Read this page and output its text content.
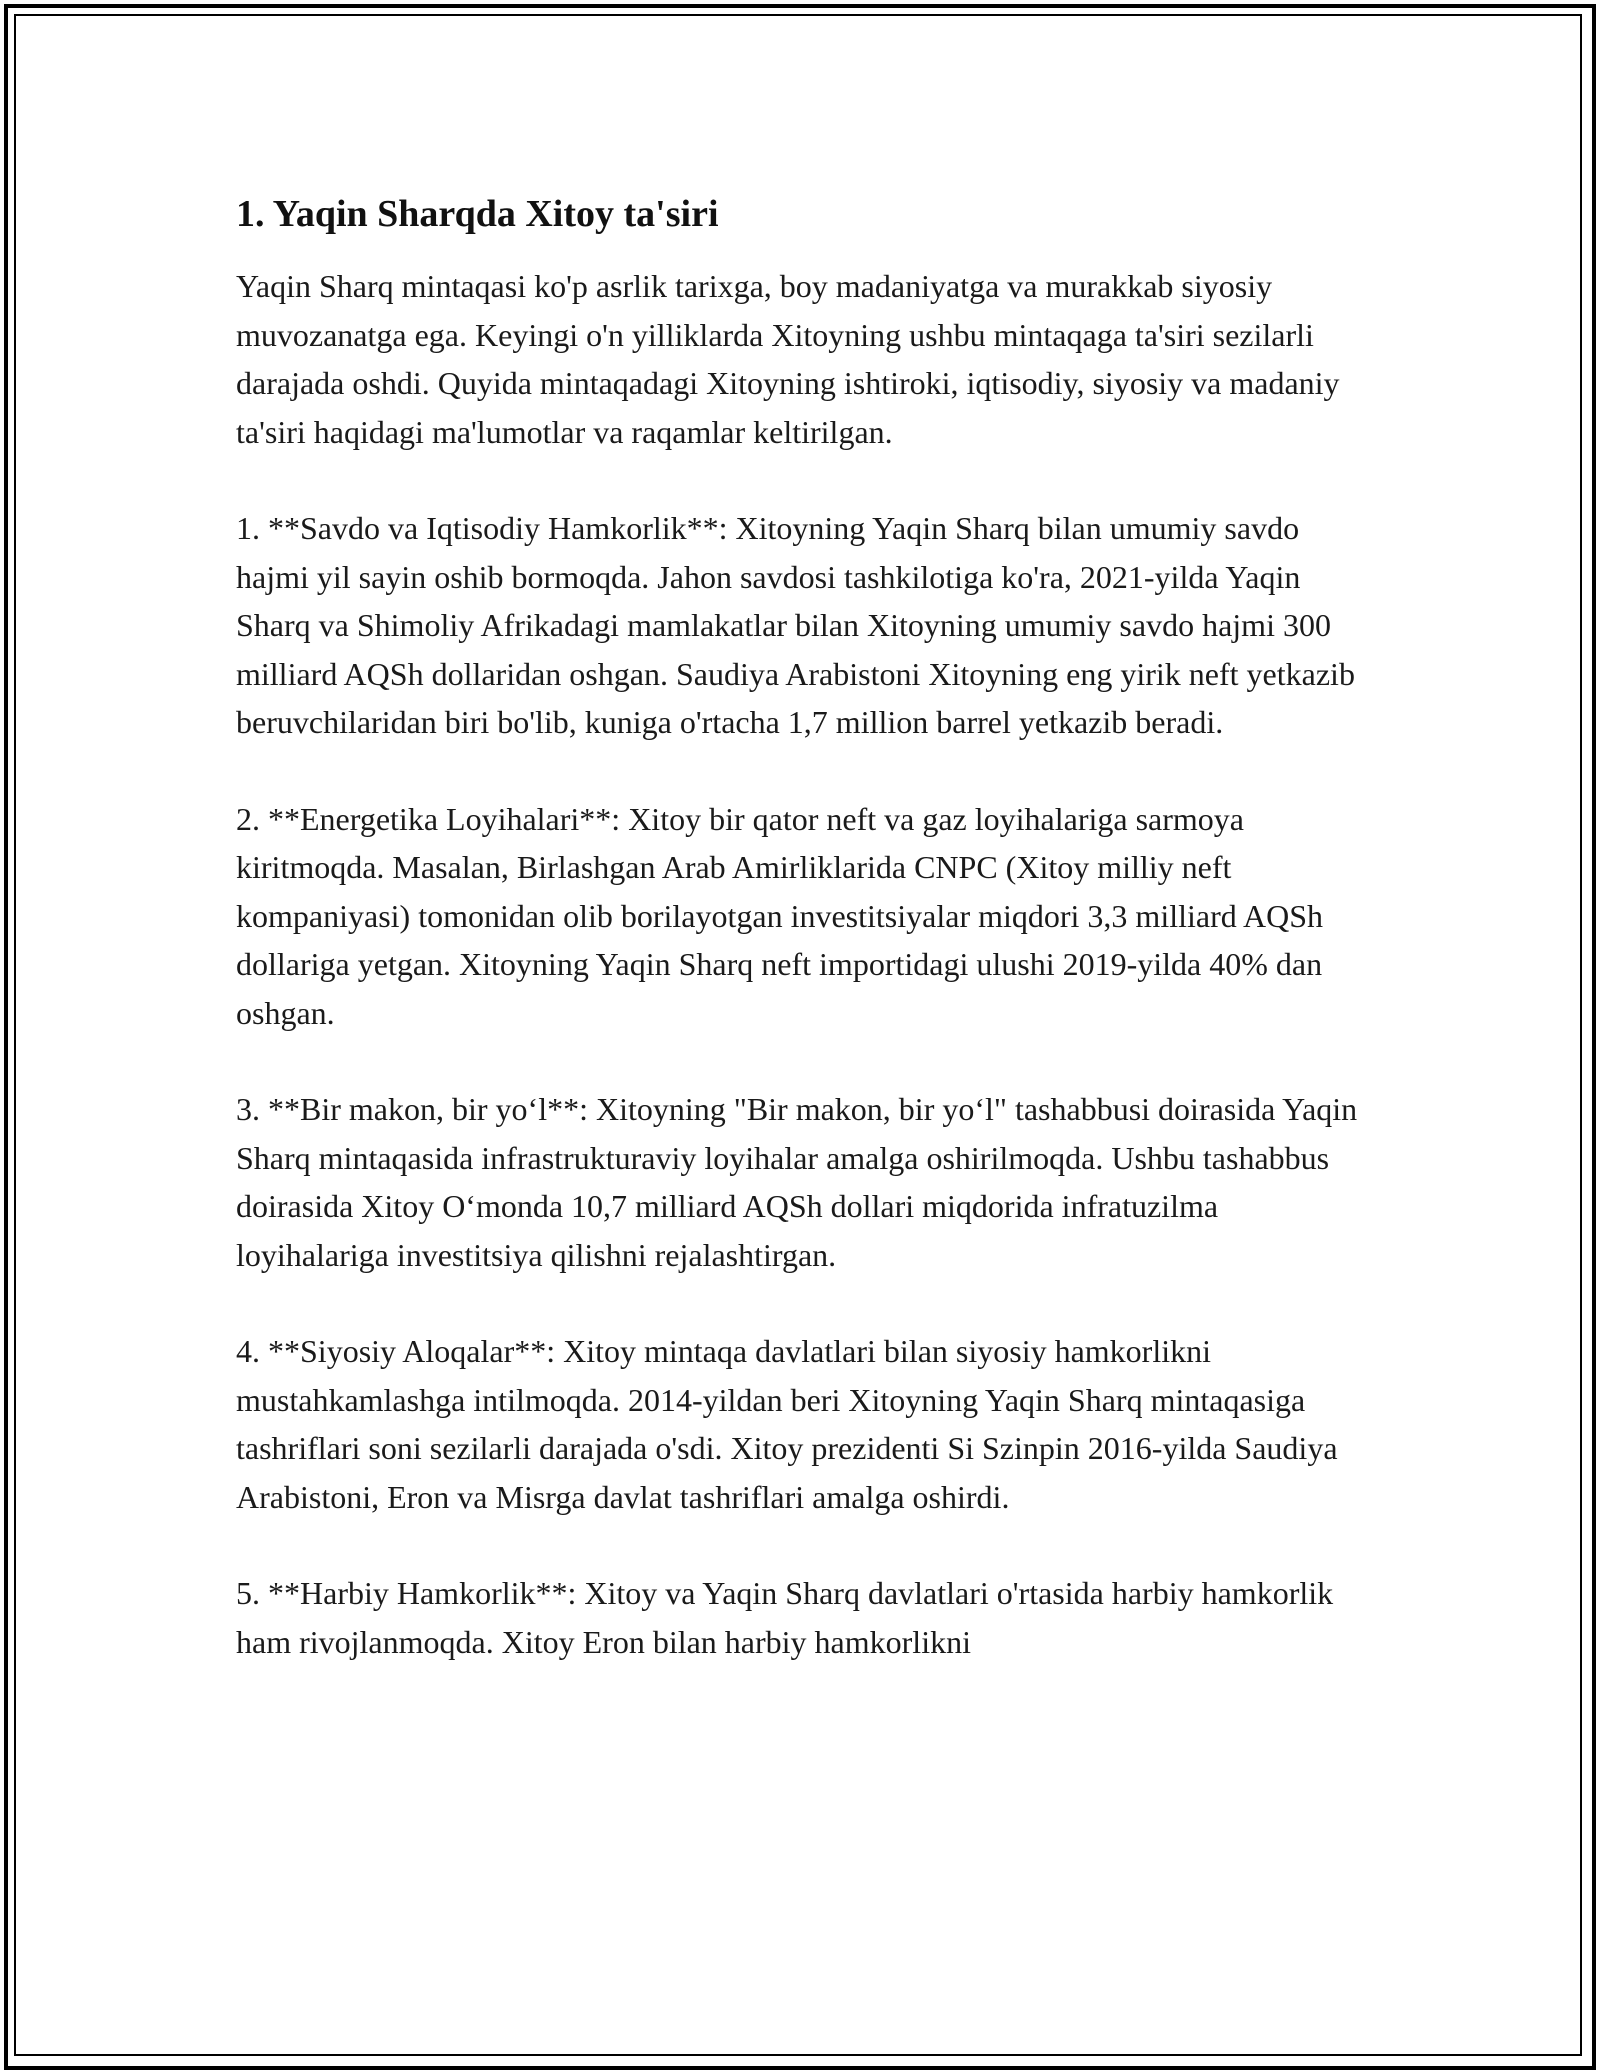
1. Yaqin Sharqda Xitoy ta'siri

Yaqin Sharq mintaqasi ko'p asrlik tarixga, boy madaniyatga va murakkab siyosiy muvozanatga ega. Keyingi o'n yilliklarda Xitoyning ushbu mintaqaga ta'siri sezilarli darajada oshdi. Quyida mintaqadagi Xitoyning ishtiroki, iqtisodiy, siyosiy va madaniy ta'siri haqidagi ma'lumotlar va raqamlar keltirilgan.

1. **Savdo va Iqtisodiy Hamkorlik**: Xitoyning Yaqin Sharq bilan umumiy savdo hajmi yil sayin oshib bormoqda. Jahon savdosi tashkilotiga ko'ra, 2021-yilda Yaqin Sharq va Shimoliy Afrikadagi mamlakatlar bilan Xitoyning umumiy savdo hajmi 300 milliard AQSh dollaridan oshgan. Saudiya Arabistoni Xitoyning eng yirik neft yetkazib beruvchilaridan biri bo'lib, kuniga o'rtacha 1,7 million barrel yetkazib beradi.

2. **Energetika Loyihalari**: Xitoy bir qator neft va gaz loyihalariga sarmoya kiritmoqda. Masalan, Birlashgan Arab Amirliklarida CNPC (Xitoy milliy neft kompaniyasi) tomonidan olib borilayotgan investitsiyalar miqdori 3,3 milliard AQSh dollariga yetgan. Xitoyning Yaqin Sharq neft importidagi ulushi 2019-yilda 40% dan oshgan.

3. **Bir makon, bir yo‘l**: Xitoyning "Bir makon, bir yo‘l" tashabbusi doirasida Yaqin Sharq mintaqasida infrastrukturaviy loyihalar amalga oshirilmoqda. Ushbu tashabbus doirasida Xitoy O‘monda 10,7 milliard AQSh dollari miqdorida infratuzilma loyihalariga investitsiya qilishni rejalashtirgan.

4. **Siyosiy Aloqalar**: Xitoy mintaqa davlatlari bilan siyosiy hamkorlikni mustahkamlashga intilmoqda. 2014-yildan beri Xitoyning Yaqin Sharq mintaqasiga tashriflari soni sezilarli darajada o'sdi. Xitoy prezidenti Si Szinpin 2016-yilda Saudiya Arabistoni, Eron va Misrga davlat tashriflari amalga oshirdi.

5. **Harbiy Hamkorlik**: Xitoy va Yaqin Sharq davlatlari o'rtasida harbiy hamkorlik ham rivojlanmoqda. Xitoy Eron bilan harbiy hamkorlikni
